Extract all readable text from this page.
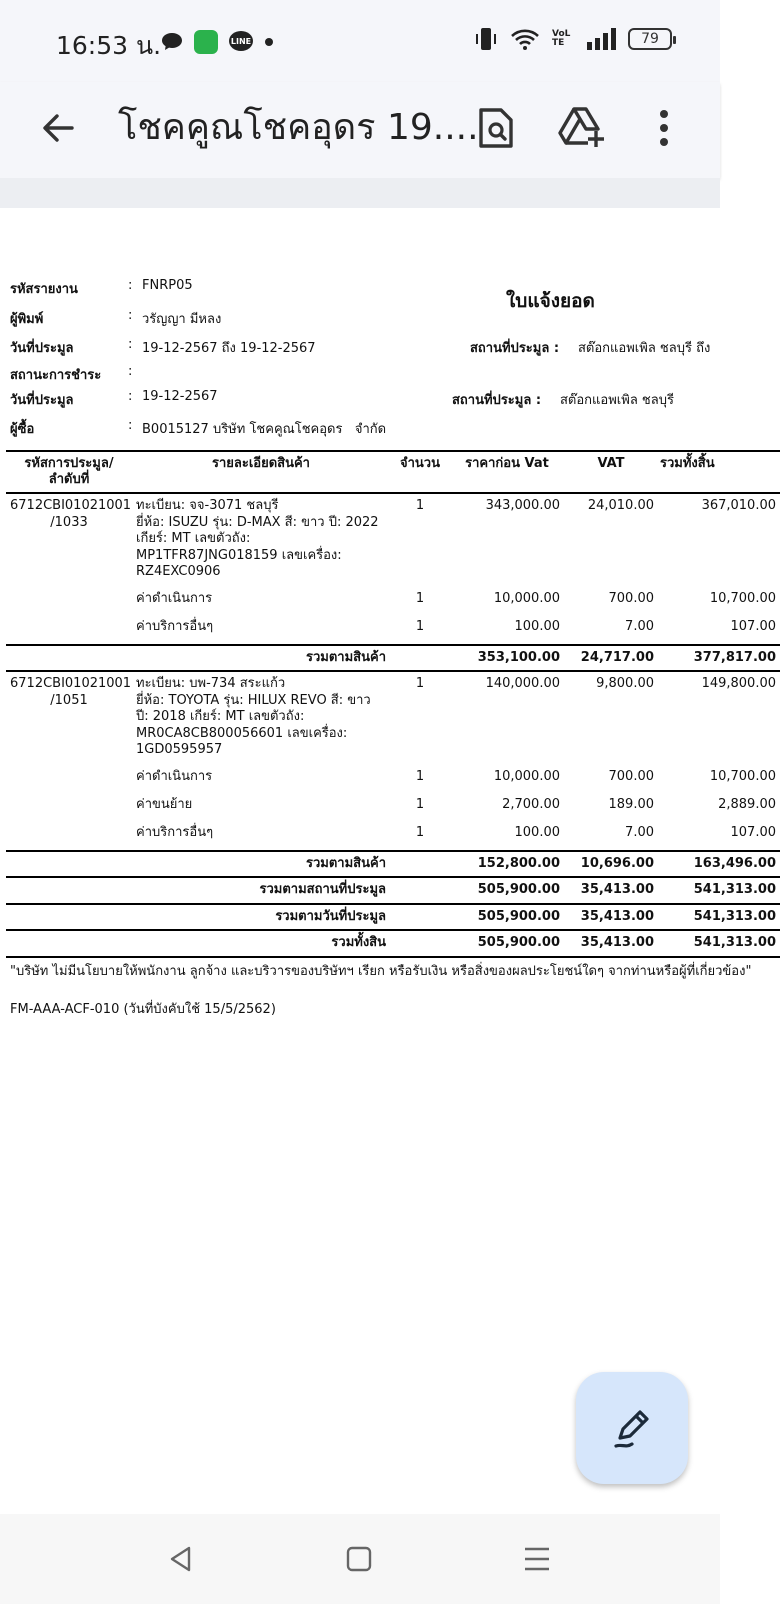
16:53 น.	LINE
VoLTE	79
โชคคูณโชคอุดร 19....
ใบแจ้งยอด
รหัสรายงาน	: FNRP05
ผู้พิมพ์	: วรัญญา มีหลง
วันที่ประมูล	: 19-12-2567 ถึง 19-12-2567	สถานที่ประมูล : สต๊อกแอพเพิล ชลบุรี ถึง
สถานะการชำระ :
วันที่ประมูล	: 19-12-2567	สถานที่ประมูล : สต๊อกแอพเพิล ชลบุรี
ผู้ซื้อ	: B0015127 บริษัท โชคคูณโชคอุดร   จำกัด
รหัสการประมูล/
ลำดับที่	รายละเอียดสินค้า	จำนวน	ราคาก่อน Vat	VAT	รวมทั้งสิ้น
6712CBI01021001
/1033	ทะเบียน: จจ-3071 ชลบุรี
ยี่ห้อ: ISUZU รุ่น: D-MAX สี: ขาว ปี: 2022
เกียร์: MT เลขตัวถัง:
MP1TFR87JNG018159 เลขเครื่อง:
RZ4EXC0906	1	343,000.00	24,010.00	367,010.00
	ค่าดำเนินการ	1	10,000.00	700.00	10,700.00
	ค่าบริการอื่นๆ	1	100.00	7.00	107.00
	รวมตามสินค้า		353,100.00	24,717.00	377,817.00
6712CBI01021001
/1051	ทะเบียน: บพ-734 สระแก้ว
ยี่ห้อ: TOYOTA รุ่น: HILUX REVO สี: ขาว
ปี: 2018 เกียร์: MT เลขตัวถัง:
MR0CA8CB800056601 เลขเครื่อง:
1GD0595957	1	140,000.00	9,800.00	149,800.00
	ค่าดำเนินการ	1	10,000.00	700.00	10,700.00
	ค่าขนย้าย	1	2,700.00	189.00	2,889.00
	ค่าบริการอื่นๆ	1	100.00	7.00	107.00
	รวมตามสินค้า		152,800.00	10,696.00	163,496.00
	รวมตามสถานที่ประมูล		505,900.00	35,413.00	541,313.00
	รวมตามวันที่ประมูล		505,900.00	35,413.00	541,313.00
	รวมทั้งสิน		505,900.00	35,413.00	541,313.00
"บริษัท ไม่มีนโยบายให้พนักงาน ลูกจ้าง และบริวารของบริษัทฯ เรียก หรือรับเงิน หรือสิ่งของผลประโยชน์ใดๆ จากท่านหรือผู้ที่เกี่ยวข้อง"
FM-AAA-ACF-010 (วันที่บังคับใช้ 15/5/2562)
